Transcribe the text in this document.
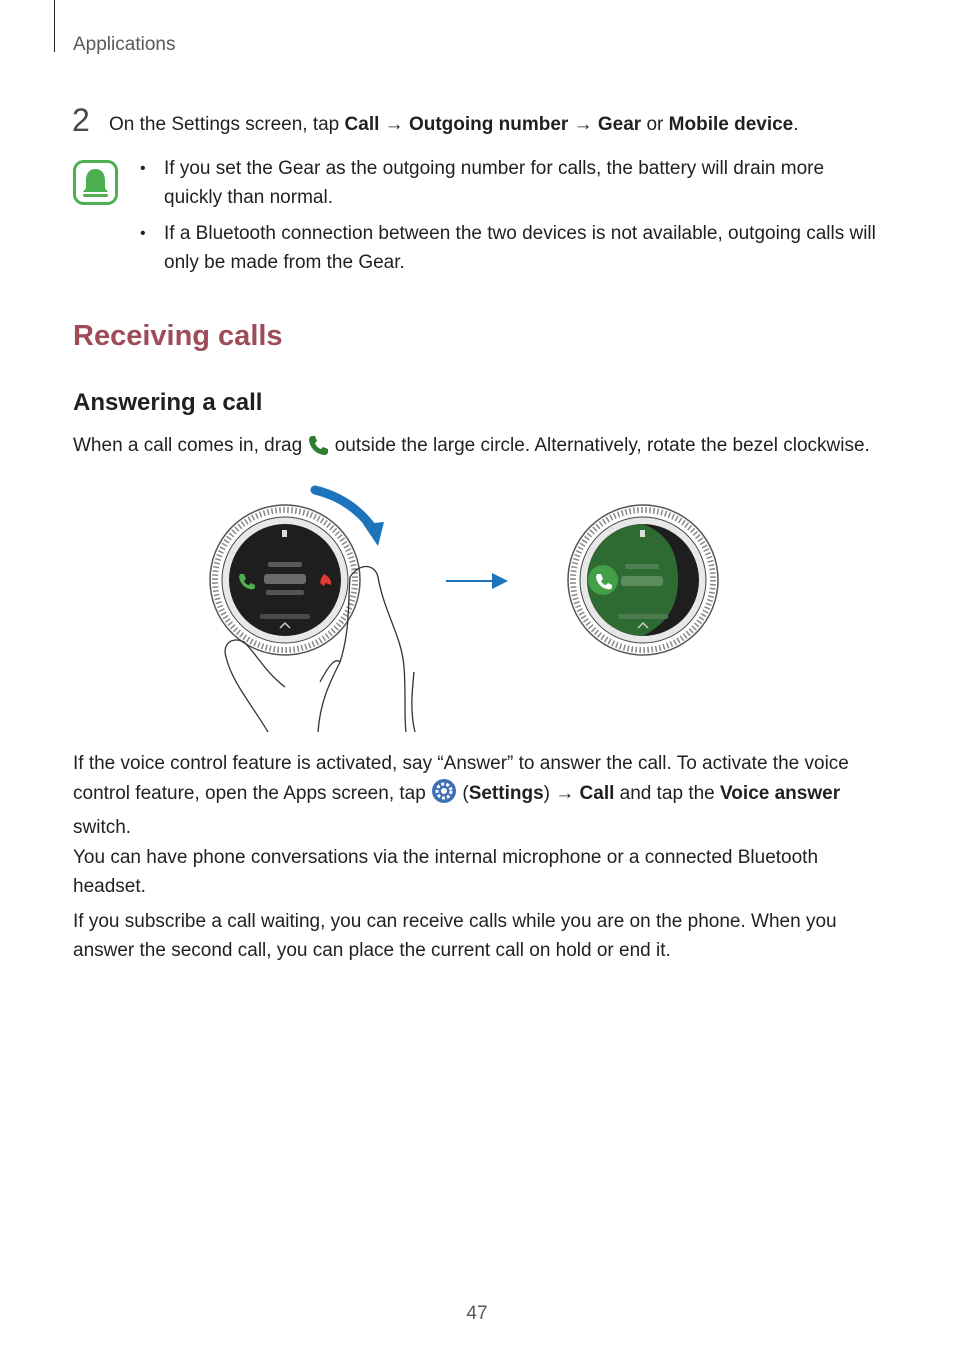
Applications
2 On the Settings screen, tap Call → Outgoing number → Gear or Mobile device.
• If you set the Gear as the outgoing number for calls, the battery will drain more quickly than normal.
• If a Bluetooth connection between the two devices is not available, outgoing calls will only be made from the Gear.
Receiving calls
Answering a call
When a call comes in, drag  outside the large circle. Alternatively, rotate the bezel clockwise.
If the voice control feature is activated, say “Answer” to answer the call. To activate the voice control feature, open the Apps screen, tap  (Settings) → Call and tap the Voice answer switch.
You can have phone conversations via the internal microphone or a connected Bluetooth headset.
If you subscribe a call waiting, you can receive calls while you are on the phone. When you answer the second call, you can place the current call on hold or end it.
47
